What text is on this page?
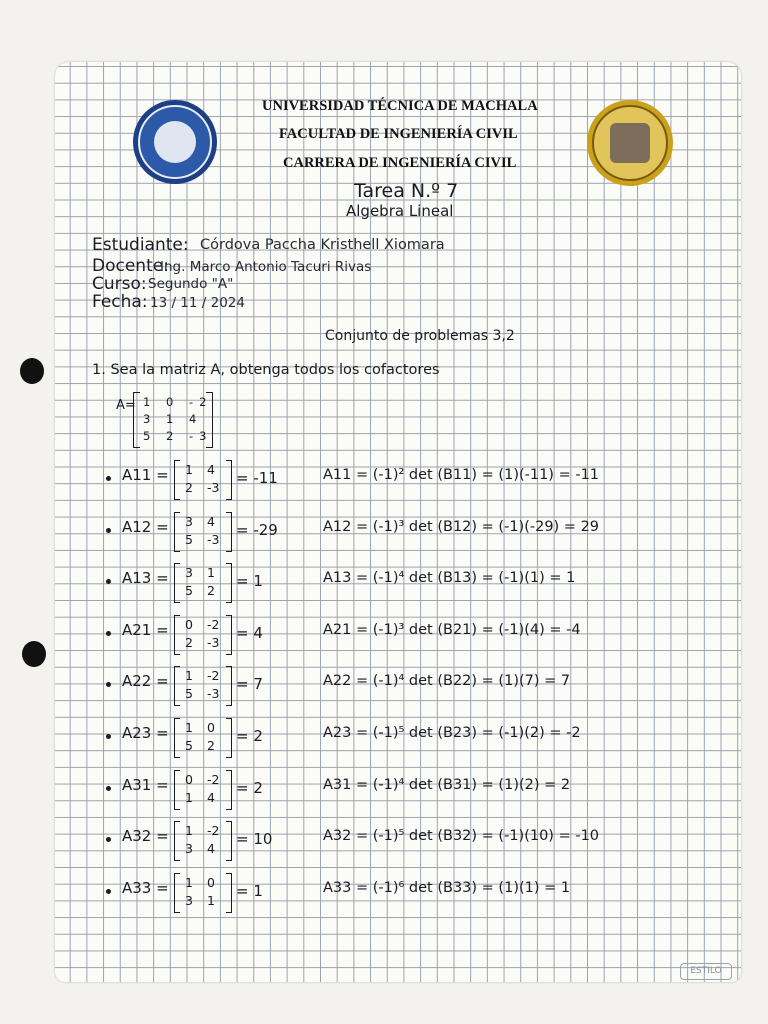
UNIVERSIDAD TÉCNICA DE MACHALA
FACULTAD DE INGENIERÍA CIVIL
CARRERA DE INGENIERÍA CIVIL
Tarea N.º 7
Algebra Lineal
Estudiante: Córdova Paccha Kristhell Xiomara
Docente:
Ing. Marco Antonio Tacuri Rivas
Curso: Segundo "A"
Fecha: 13 / 11 / 2024
Conjunto de problemas 3,2
1. Sea la matriz A, obtenga todos los cofactores
A= 1 0 -2
3 1 4
5 2 -3
A11 = 1 4
2 -3
= -11	A11 = (-1)² det (B11) = (1)(-11) = -11
A12 = 3 4
5 -3
= -29	A12 = (-1)³ det (B12) = (-1)(-29) = 29
A13 = 3 1
5 2
= 1	A13 = (-1)⁴ det (B13) = (-1)(1) = 1
A21 = 0 -2
2 -3
= 4	A21 = (-1)³ det (B21) = (-1)(4) = -4
A22 = 1 -2
5 -3
= 7	A22 = (-1)⁴ det (B22) = (1)(7) = 7
A23 = 1 0
5 2
= 2	A23 = (-1)⁵ det (B23) = (-1)(2) = -2
A31 = 0 -2
1 4
= 2	A31 = (-1)⁴ det (B31) = (1)(2) = 2
A32 = 1 -2
3 4
= 10	A32 = (-1)⁵ det (B32) = (-1)(10) = -10
A33 = 1 0
3 1
= 1	A33 = (-1)⁶ det (B33) = (1)(1) = 1
ESTILO
